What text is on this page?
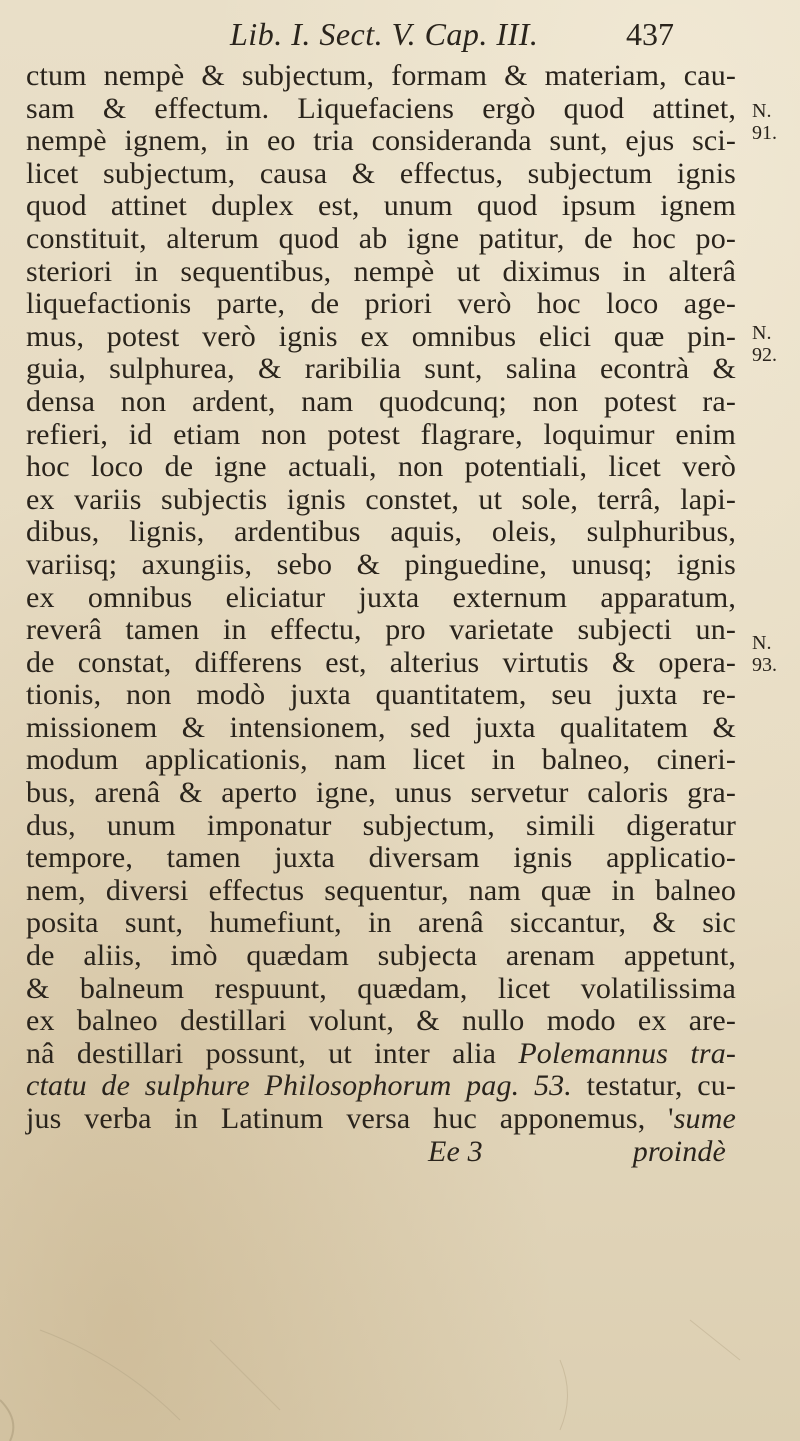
Lib. I. Sect. V. Cap. III.	437
ctum nempè & subjectum, formam & materiam, cau-
sam & effectum. Liquefaciens ergò quod attinet,
nempè ignem, in eo tria consideranda sunt, ejus sci-
licet subjectum, causa & effectus, subjectum ignis
quod attinet duplex est, unum quod ipsum ignem
constituit, alterum quod ab igne patitur, de hoc po-
steriori in sequentibus, nempè ut diximus in alterâ
liquefactionis parte, de priori verò hoc loco age-
mus, potest verò ignis ex omnibus elici quæ pin-
guia, sulphurea, & raribilia sunt, salina econtrà &
densa non ardent, nam quodcunq; non potest ra-
refieri, id etiam non potest flagrare, loquimur enim
hoc loco de igne actuali, non potentiali, licet verò
ex variis subjectis ignis constet, ut sole, terrâ, lapi-
dibus, lignis, ardentibus aquis, oleis, sulphuribus,
variisq; axungiis, sebo & pinguedine, unusq; ignis
ex omnibus eliciatur juxta externum apparatum,
reverâ tamen in effectu, pro varietate subjecti un-
de constat, differens est, alterius virtutis & opera-
tionis, non modò juxta quantitatem, seu juxta re-
missionem & intensionem, sed juxta qualitatem &
modum applicationis, nam licet in balneo, cineri-
bus, arenâ & aperto igne, unus servetur caloris gra-
dus, unum imponatur subjectum, simili digeratur
tempore, tamen juxta diversam ignis applicatio-
nem, diversi effectus sequentur, nam quæ in balneo
posita sunt, humefiunt, in arenâ siccantur, & sic
de aliis, imò quædam subjecta arenam appetunt,
& balneum respuunt, quædam, licet volatilissima
ex balneo destillari volunt, & nullo modo ex are-
nâ destillari possunt, ut inter alia Polemannus tra-
ctatu de sulphure Philosophorum pag. 53. testatur, cu-
jus verba in Latinum versa huc apponemus, 'sume
Ee 3	proindè
N.
91.
N.
92.
N.
93.
